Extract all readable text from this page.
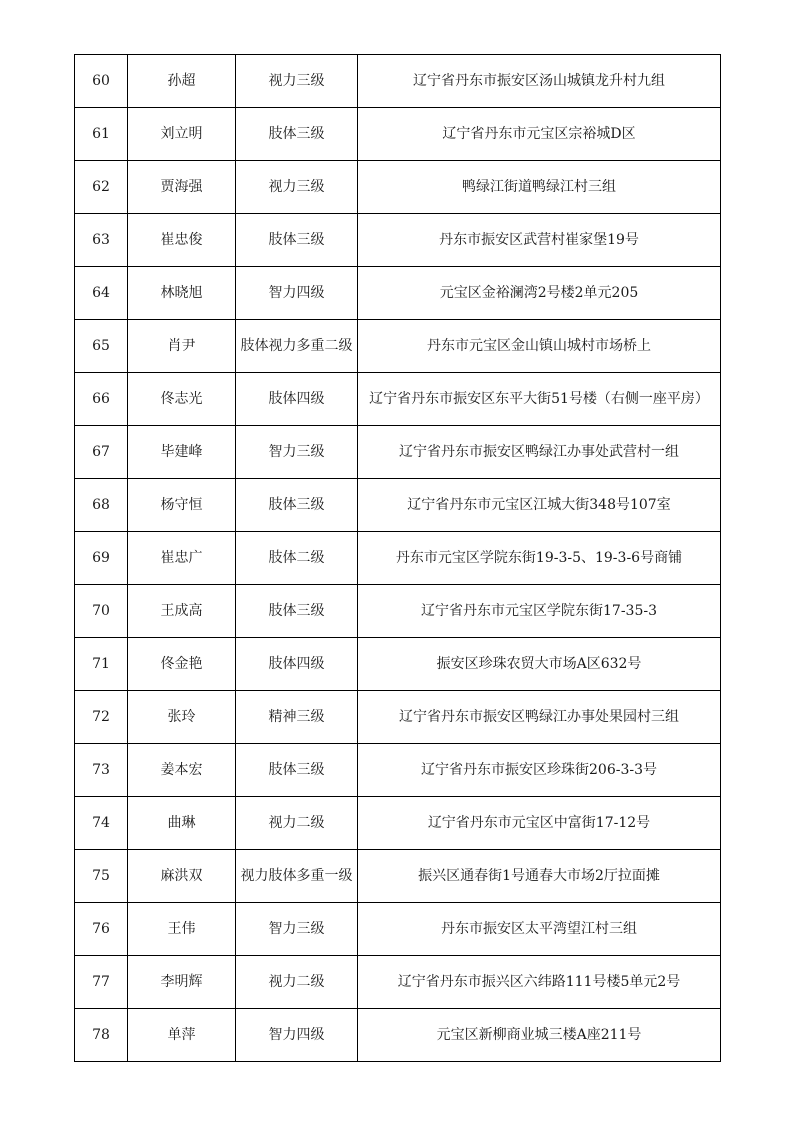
60	孙超	视力三级	辽宁省丹东市振安区汤山城镇龙升村九组
61	刘立明	肢体三级	辽宁省丹东市元宝区宗裕城D区
62	贾海强	视力三级	鸭绿江街道鸭绿江村三组
63	崔忠俊	肢体三级	丹东市振安区武营村崔家堡19号
64	林晓旭	智力四级	元宝区金裕澜湾2号楼2单元205
65	肖尹	肢体视力多重二级	丹东市元宝区金山镇山城村市场桥上
66	佟志光	肢体四级	辽宁省丹东市振安区东平大街51号楼（右侧一座平房）
67	毕建峰	智力三级	辽宁省丹东市振安区鸭绿江办事处武营村一组
68	杨守恒	肢体三级	辽宁省丹东市元宝区江城大街348号107室
69	崔忠广	肢体二级	丹东市元宝区学院东街19-3-5、19-3-6号商铺
70	王成高	肢体三级	辽宁省丹东市元宝区学院东街17-35-3
71	佟金艳	肢体四级	振安区珍珠农贸大市场A区632号
72	张玲	精神三级	辽宁省丹东市振安区鸭绿江办事处果园村三组
73	姜本宏	肢体三级	辽宁省丹东市振安区珍珠街206-3-3号
74	曲琳	视力二级	辽宁省丹东市元宝区中富街17-12号
75	麻洪双	视力肢体多重一级	振兴区通春街1号通春大市场2厅拉面摊
76	王伟	智力三级	丹东市振安区太平湾望江村三组
77	李明辉	视力二级	辽宁省丹东市振兴区六纬路111号楼5单元2号
78	单萍	智力四级	元宝区新柳商业城三楼A座211号
